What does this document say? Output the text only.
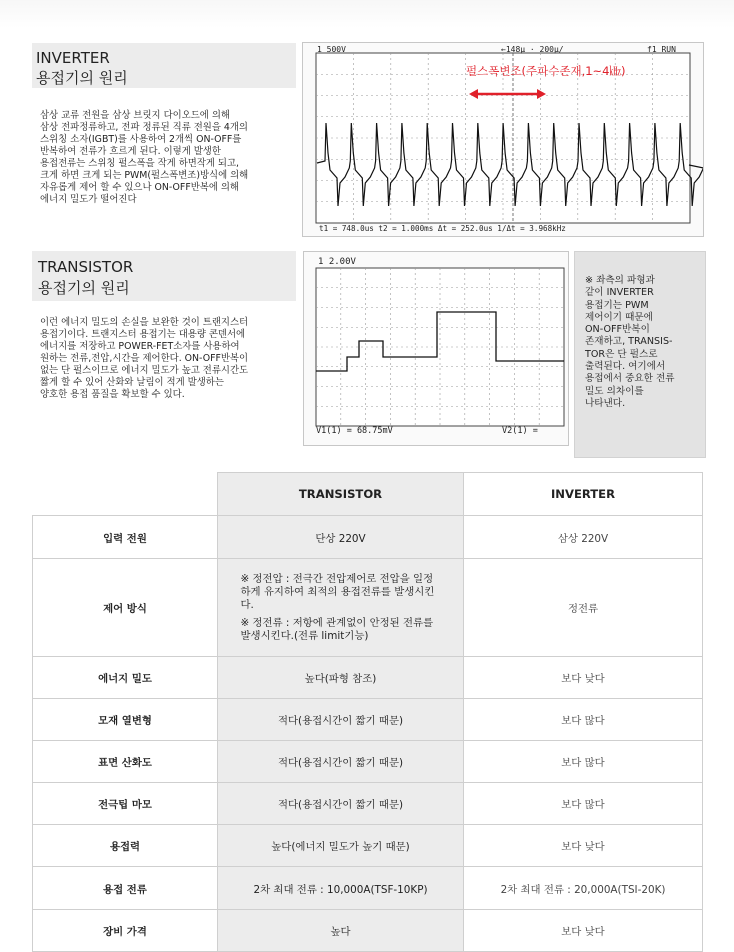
INVERTER
용접기의 원리
삼상 교류 전원을 삼상 브릿지 다이오드에 의해
삼상 전파정류하고, 전파 정류된 직류 전원을 4개의
스위칭 소자(IGBT)를 사용하여 2개씩 ON-OFF를
반복하여 전류가 흐르게 된다. 이렇게 발생한
용접전류는 스위칭 펄스폭을 작게 하면작게 되고,
크게 하면 크게 되는 PWM(펄스폭변조)방식에 의해
자유롭게 제어 할 수 있으나 ON-OFF반복에 의해
에너지 밀도가 떨어진다
1 500V	←148μ · 200μ/	f1 RUN
펄스폭변조(주파수존재,1~4㎑)
t1 = 748.0us t2 = 1.000ms Δt = 252.0us 1/Δt = 3.968kHz
TRANSISTOR
용접기의 원리
이런 에너지 밀도의 손실을 보완한 것이 트랜지스터
용접기이다. 트랜지스터 용접기는 대용량 콘덴서에
에너지를 저장하고 POWER-FET소자를 사용하여
원하는 전류,전압,시간을 제어한다. ON-OFF반복이
없는 단 펄스이므로 에너지 밀도가 높고 전류시간도
짧게 할 수 있어 산화와 날림이 적게 발생하는
양호한 용접 품질을 확보할 수 있다.
1 2.00V
V1(1) = 68.75mV	V2(1) =
※ 좌측의 파형과
같이 INVERTER
용접기는 PWM
제어이기 때문에
ON-OFF반복이
존재하고, TRANSIS-
TOR은 단 펄스로
출력된다. 여기에서
용접에서 중요한 전류
밀도 의차이를
나타낸다.
	TRANSISTOR	INVERTER
입력 전원	단상 220V	삼상 220V
제어 방식	※ 정전압 : 전극간 전압제어로 전압을 일정하게 유지하여 최적의 용접전류를 발생시킨다.

※ 정전류 : 저항에 관계없이 안정된 전류를 발생시킨다.(전류 limit기능)	정전류
에너지 밀도	높다(파형 참조)	보다 낮다
모재 열변형	적다(용접시간이 짧기 때문)	보다 많다
표면 산화도	적다(용접시간이 짧기 때문)	보다 많다
전극팁 마모	적다(용접시간이 짧기 때문)	보다 많다
용접력	높다(에너지 밀도가 높기 때문)	보다 낮다
용접 전류	2차 최대 전류 : 10,000A(TSF-10KP)	2차 최대 전류 : 20,000A(TSI-20K)
장비 가격	높다	보다 낮다
